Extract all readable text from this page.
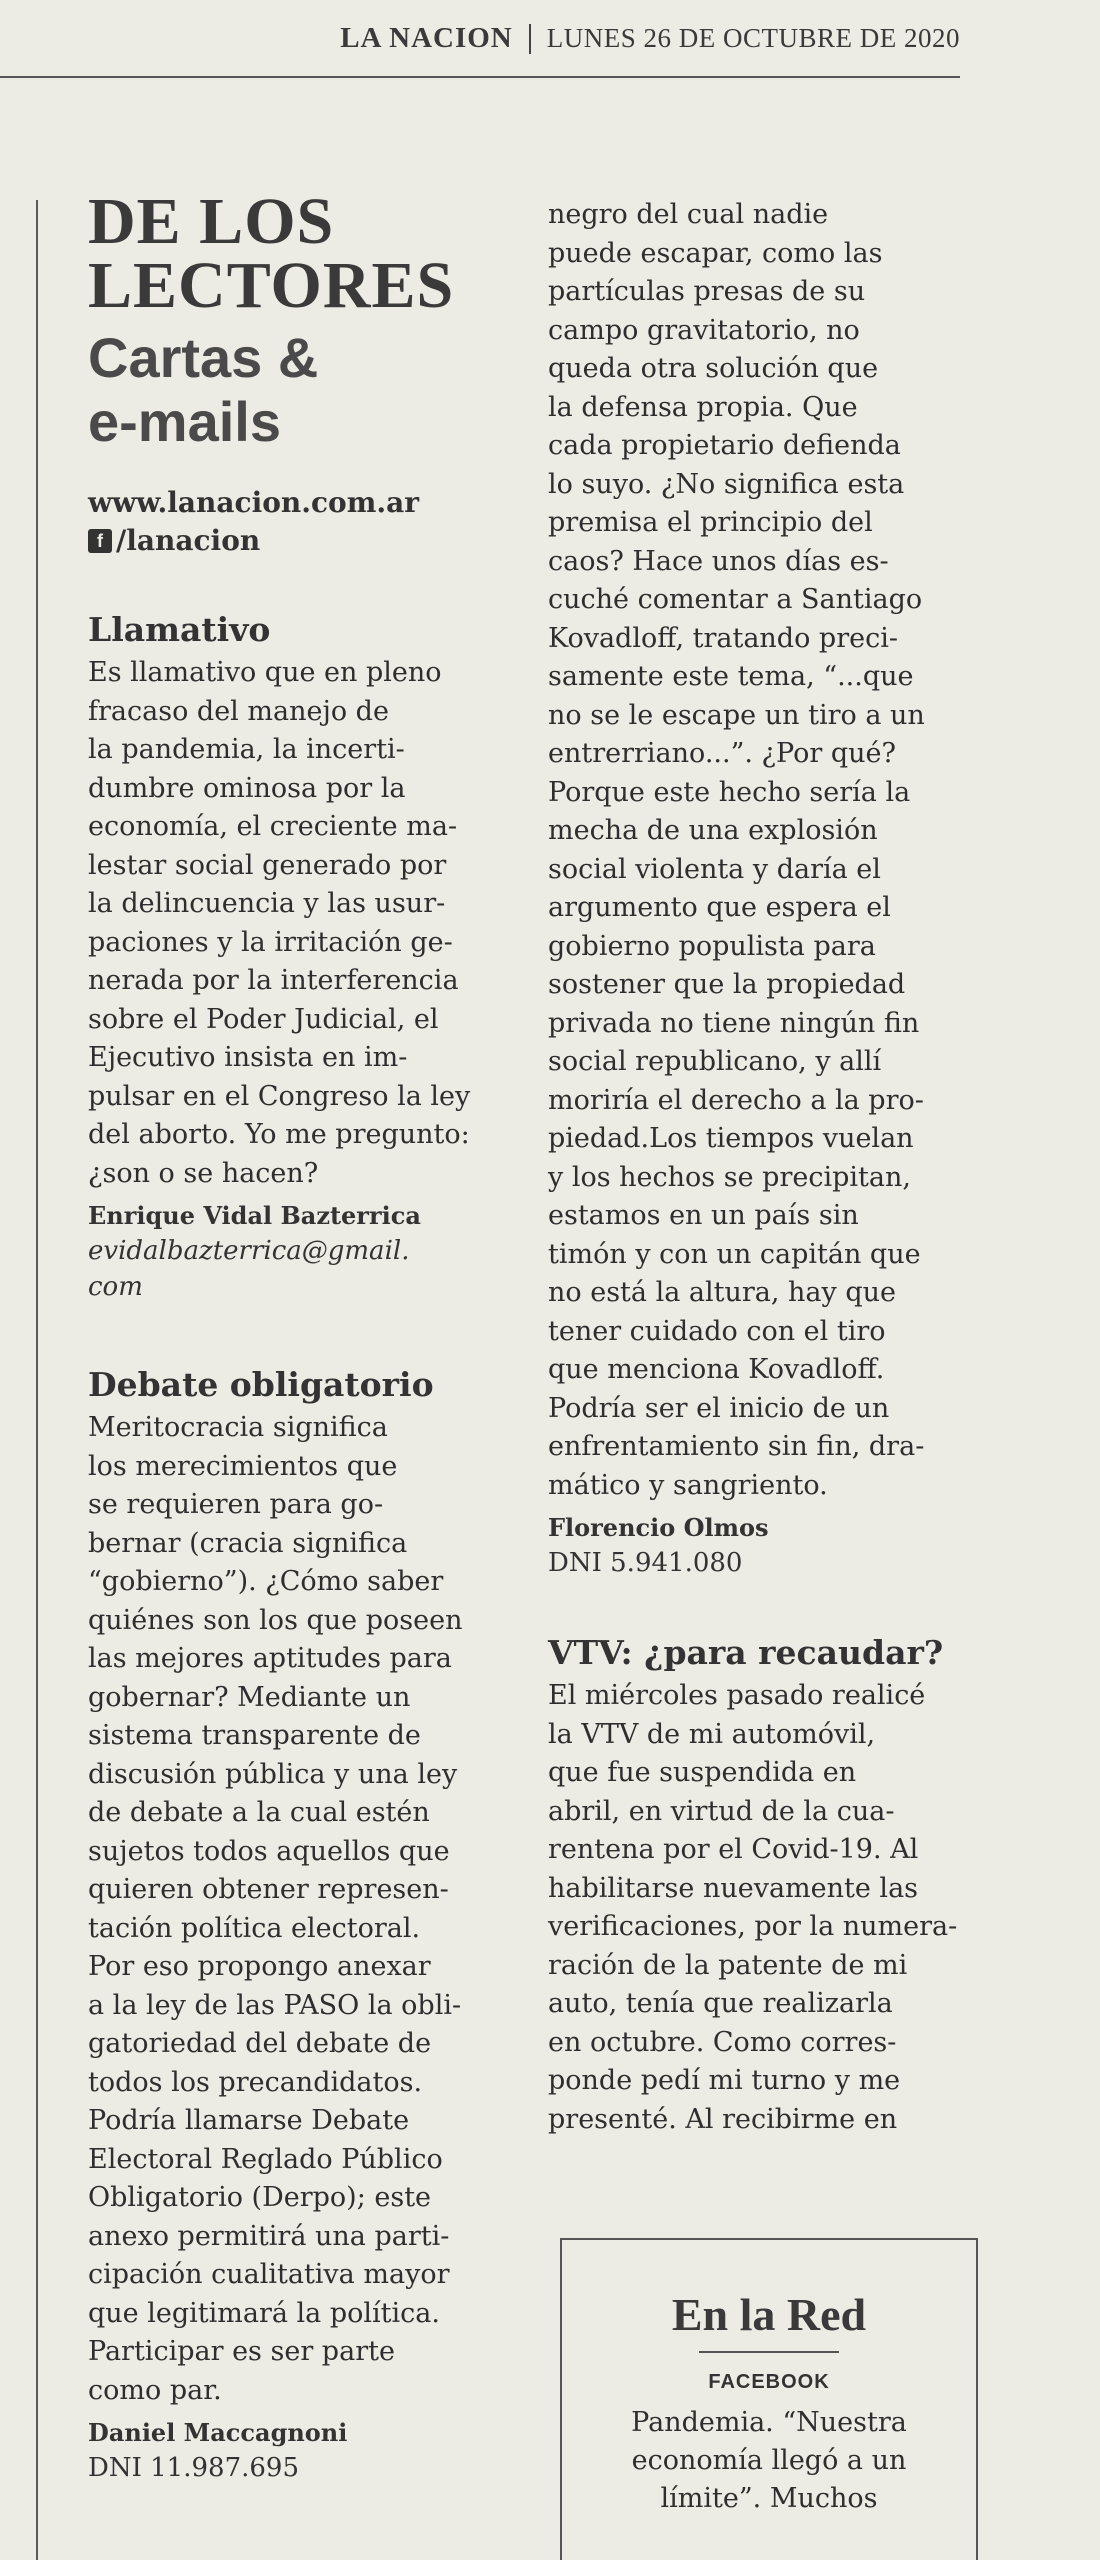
LA NACION LUNES 26 DE OCTUBRE DE 2020
DE LOS
LECTORES
Cartas &
e-mails
www.lanacion.com.ar
f /lanacion
Llamativo

Es llamativo que en pleno
fracaso del manejo de
la pandemia, la incerti-
dumbre ominosa por la
economía, el creciente ma-
lestar social generado por
la delincuencia y las usur-
paciones y la irritación ge-
nerada por la interferencia
sobre el Poder Judicial, el
Ejecutivo insista en im-
pulsar en el Congreso la ley
del aborto. Yo me pregunto:
¿son o se hacen?

Enrique Vidal Bazterrica
evidalbazterrica@gmail.
com
Debate obligatorio

Meritocracia significa
los merecimientos que
se requieren para go-
bernar (cracia significa
“gobierno”). ¿Cómo saber
quiénes son los que poseen
las mejores aptitudes para
gobernar? Mediante un
sistema transparente de
discusión pública y una ley
de debate a la cual estén
sujetos todos aquellos que
quieren obtener represen-
tación política electoral.
Por eso propongo anexar
a la ley de las PASO la obli-
gatoriedad del debate de
todos los precandidatos.
Podría llamarse Debate
Electoral Reglado Público
Obligatorio (Derpo); este
anexo permitirá una parti-
cipación cualitativa mayor
que legitimará la política.
Participar es ser parte
como par.

Daniel Maccagnoni
DNI 11.987.695

negro del cual nadie
puede escapar, como las
partículas presas de su
campo gravitatorio, no
queda otra solución que
la defensa propia. Que
cada propietario defienda
lo suyo. ¿No significa esta
premisa el principio del
caos? Hace unos días es-
cuché comentar a Santiago
Kovadloff, tratando preci-
samente este tema, “...que
no se le escape un tiro a un
entrerriano...”. ¿Por qué?
Porque este hecho sería la
mecha de una explosión
social violenta y daría el
argumento que espera el
gobierno populista para
sostener que la propiedad
privada no tiene ningún fin
social republicano, y allí
moriría el derecho a la pro-
piedad.Los tiempos vuelan
y los hechos se precipitan,
estamos en un país sin
timón y con un capitán que
no está la altura, hay que
tener cuidado con el tiro
que menciona Kovadloff.
Podría ser el inicio de un
enfrentamiento sin fin, dra-
mático y sangriento.

Florencio Olmos
DNI 5.941.080
VTV: ¿para recaudar?

El miércoles pasado realicé
la VTV de mi automóvil,
que fue suspendida en
abril, en virtud de la cua-
rentena por el Covid-19. Al
habilitarse nuevamente las
verificaciones, por la numera-
ración de la patente de mi
auto, tenía que realizarla
en octubre. Como corres-
ponde pedí mi turno y me
presenté. Al recibirme en

En la Red
FACEBOOK
Pandemia. “Nuestra
economía llegó a un
límite”. Muchos
